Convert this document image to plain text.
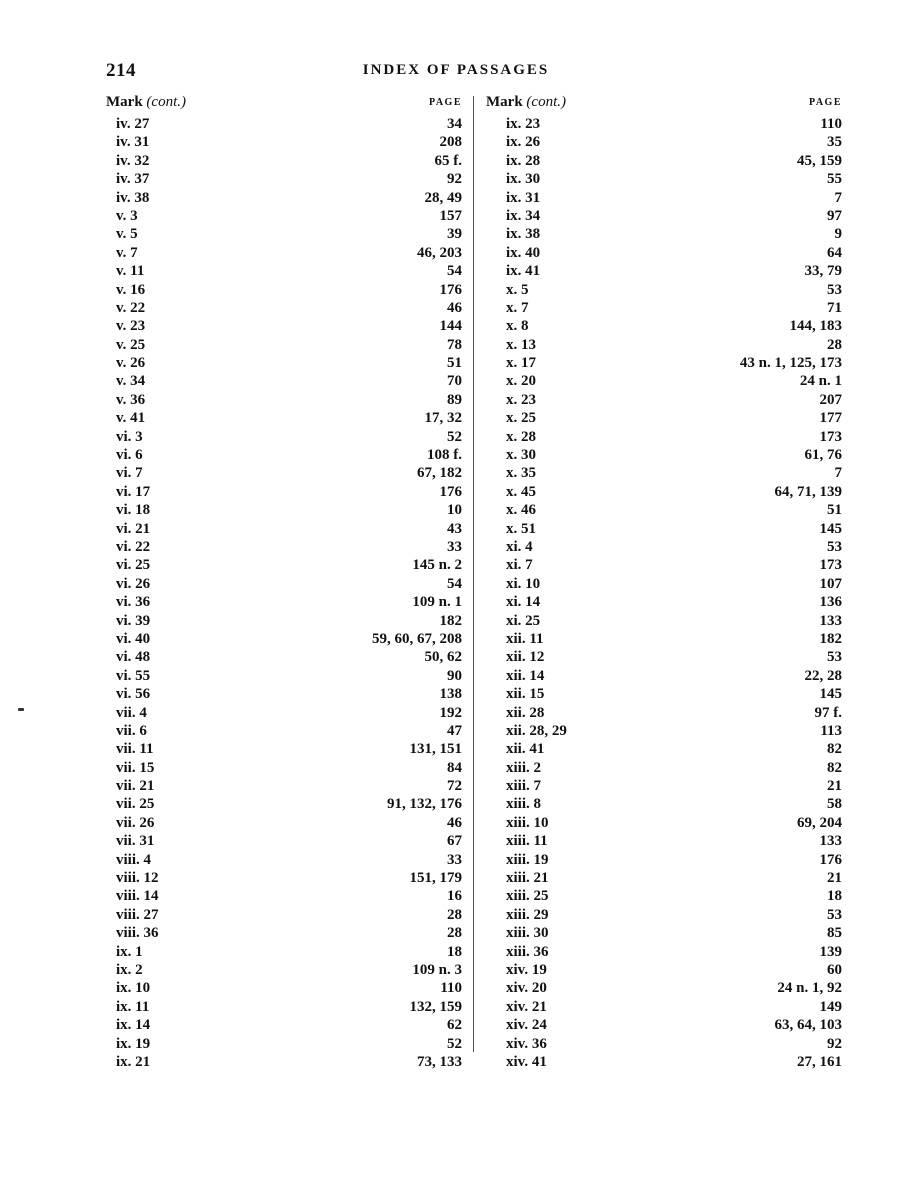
214	INDEX OF PASSAGES
Mark (cont.)	PAGE
iv. 27	34
iv. 31	208
iv. 32	65 f.
iv. 37	92
iv. 38	28, 49
v. 3	157
v. 5	39
v. 7	46, 203
v. 11	54
v. 16	176
v. 22	46
v. 23	144
v. 25	78
v. 26	51
v. 34	70
v. 36	89
v. 41	17, 32
vi. 3	52
vi. 6	108 f.
vi. 7	67, 182
vi. 17	176
vi. 18	10
vi. 21	43
vi. 22	33
vi. 25	145 n. 2
vi. 26	54
vi. 36	109 n. 1
vi. 39	182
vi. 40	59, 60, 67, 208
vi. 48	50, 62
vi. 55	90
vi. 56	138
vii. 4	192
vii. 6	47
vii. 11	131, 151
vii. 15	84
vii. 21	72
vii. 25	91, 132, 176
vii. 26	46
vii. 31	67
viii. 4	33
viii. 12	151, 179
viii. 14	16
viii. 27	28
viii. 36	28
ix. 1	18
ix. 2	109 n. 3
ix. 10	110
ix. 11	132, 159
ix. 14	62
ix. 19	52
ix. 21	73, 133
Mark (cont.)	PAGE
ix. 23	110
ix. 26	35
ix. 28	45, 159
ix. 30	55
ix. 31	7
ix. 34	97
ix. 38	9
ix. 40	64
ix. 41	33, 79
x. 5	53
x. 7	71
x. 8	144, 183
x. 13	28
x. 17	43 n. 1, 125, 173
x. 20	24 n. 1
x. 23	207
x. 25	177
x. 28	173
x. 30	61, 76
x. 35	7
x. 45	64, 71, 139
x. 46	51
x. 51	145
xi. 4	53
xi. 7	173
xi. 10	107
xi. 14	136
xi. 25	133
xii. 11	182
xii. 12	53
xii. 14	22, 28
xii. 15	145
xii. 28	97 f.
xii. 28, 29	113
xii. 41	82
xiii. 2	82
xiii. 7	21
xiii. 8	58
xiii. 10	69, 204
xiii. 11	133
xiii. 19	176
xiii. 21	21
xiii. 25	18
xiii. 29	53
xiii. 30	85
xiii. 36	139
xiv. 19	60
xiv. 20	24 n. 1, 92
xiv. 21	149
xiv. 24	63, 64, 103
xiv. 36	92
xiv. 41	27, 161
